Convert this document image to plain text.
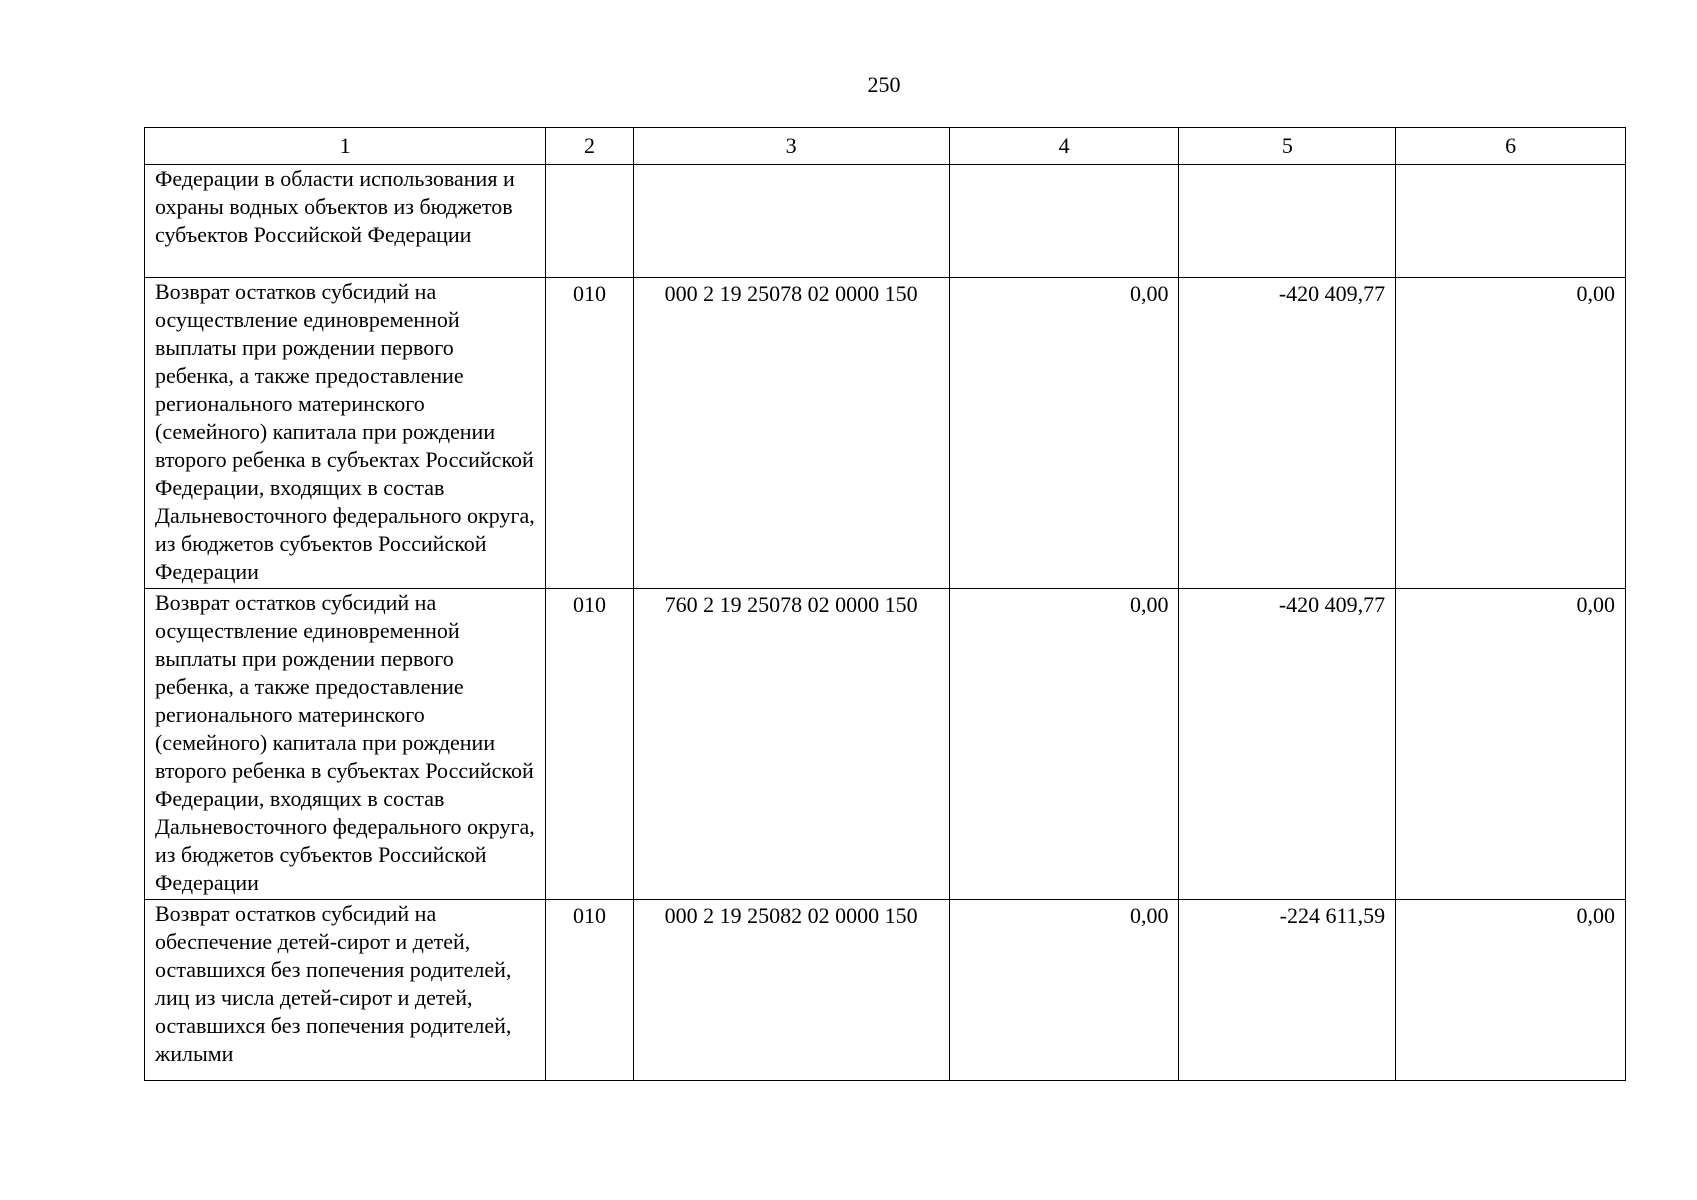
250
1	2	3	4	5	6

Федерации в области использования и охраны водных объектов из бюджетов субъектов Российской Федерации					

Возврат остатков субсидий на осуществление единовременной выплаты при рождении первого ребенка, а также предоставление регионального материнского (семейного) капитала при рождении второго ребенка в субъектах Российской Федерации, входящих в состав Дальневосточного федерального округа, из бюджетов субъектов Российской Федерации	010	000 2 19 25078 02 0000 150	0,00	-420 409,77	0,00

Возврат остатков субсидий на осуществление единовременной выплаты при рождении первого ребенка, а также предоставление регионального материнского (семейного) капитала при рождении второго ребенка в субъектах Российской Федерации, входящих в состав Дальневосточного федерального округа, из бюджетов субъектов Российской Федерации	010	760 2 19 25078 02 0000 150	0,00	-420 409,77	0,00

Возврат остатков субсидий на обеспечение детей-сирот и детей, оставшихся без попечения родителей, лиц из числа детей-сирот и детей, оставшихся без попечения родителей, жилыми	010	000 2 19 25082 02 0000 150	0,00	-224 611,59	0,00
